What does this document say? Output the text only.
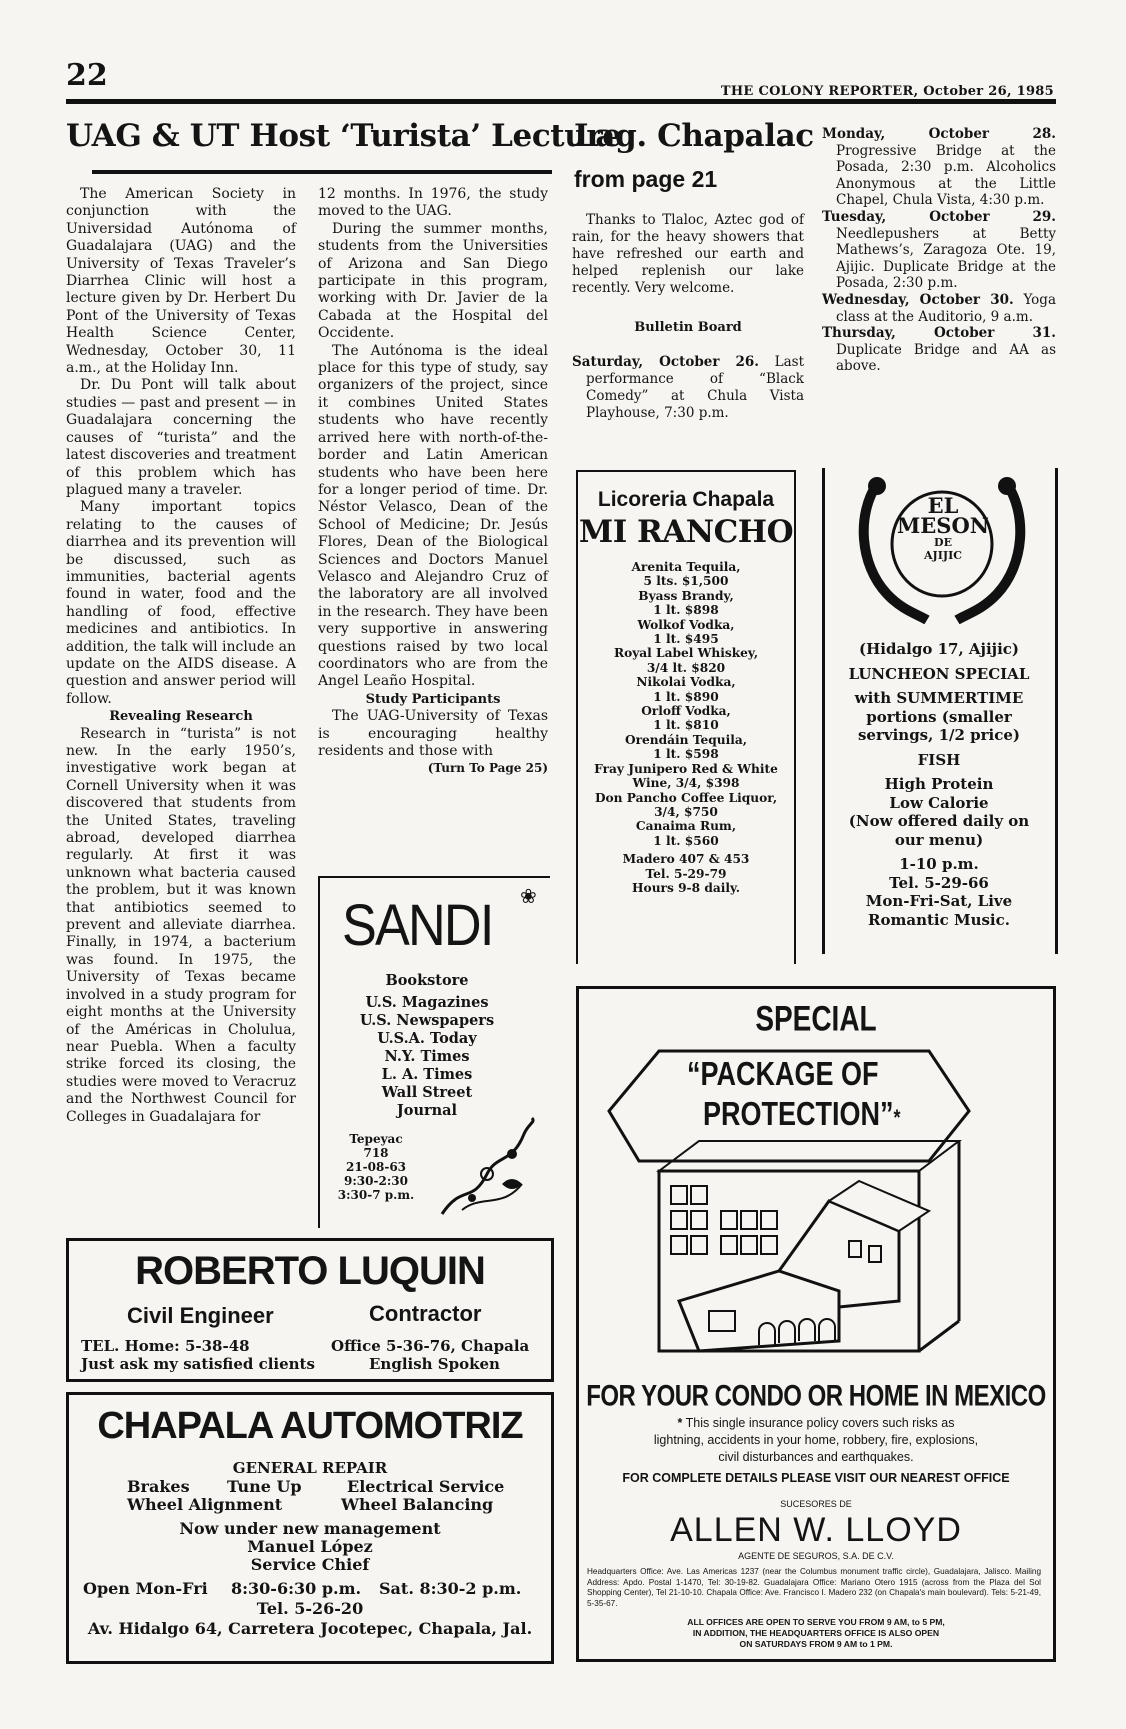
22	THE COLONY REPORTER, October 26, 1985
UAG & UT Host ‘Turista’ Lecture

The American Society in conjunction with the Universidad Autónoma of Guadalajara (UAG) and the University of Texas Traveler’s Diarrhea Clinic will host a lecture given by Dr. Herbert Du Pont of the University of Texas Health Science Center, Wednesday, October 30, 11 a.m., at the Holiday Inn.

Dr. Du Pont will talk about studies — past and present — in Guadalajara concerning the causes of “turista” and the latest discoveries and treatment of this problem which has plagued many a traveler.

Many important topics relating to the causes of diarrhea and its prevention will be discussed, such as immunities, bacterial agents found in water, food and the handling of food, effective medicines and antibiotics. In addition, the talk will include an update on the AIDS disease. A question and answer period will follow.

Revealing Research

Research in “turista” is not new. In the early 1950’s, investigative work began at Cornell University when it was discovered that students from the United States, traveling abroad, developed diarrhea regularly. At first it was unknown what bacteria caused the problem, but it was known that antibiotics seemed to prevent and alleviate diarrhea. Finally, in 1974, a bacterium was found. In 1975, the University of Texas became involved in a study program for eight months at the University of the Américas in Cholulua, near Puebla. When a faculty strike forced its closing, the studies were moved to Veracruz and the Northwest Council for Colleges in Guadalajara for

12 months. In 1976, the study moved to the UAG.

During the summer months, students from the Universities of Arizona and San Diego participate in this program, working with Dr. Javier de la Cabada at the Hospital del Occidente.

The Autónoma is the ideal place for this type of study, say organizers of the project, since it combines United States students who have recently arrived here with north-of-the-border and Latin American students who have been here for a longer period of time. Dr. Néstor Velasco, Dean of the School of Medicine; Dr. Jesús Flores, Dean of the Biological Sciences and Doctors Manuel Velasco and Alejandro Cruz of the laboratory are all involved in the research. They have been very supportive in answering questions raised by two local coordinators who are from the Angel Leaño Hospital.

Study Participants

The UAG-University of Texas is encouraging healthy residents and those with

(Turn To Page 25)

Lag. Chapalac
from page 21

Thanks to Tlaloc, Aztec god of rain, for the heavy showers that have refreshed our earth and helped replenish our lake recently. Very welcome.

Bulletin Board

Saturday, October 26. Last performance of “Black Comedy” at Chula Vista Playhouse, 7:30 p.m.

Monday, October 28. Progressive Bridge at the Posada, 2:30 p.m. Alcoholics Anonymous at the Little Chapel, Chula Vista, 4:30 p.m.

Tuesday, October 29. Needlepushers at Betty Mathews’s, Zaragoza Ote. 19, Ajijic. Duplicate Bridge at the Posada, 2:30 p.m.

Wednesday, October 30. Yoga class at the Auditorio, 9 a.m.

Thursday, October 31. Duplicate Bridge and AA as above.

Licoreria Chapala
MI RANCHO
Arenita Tequila,
5 lts. $1,500
Byass Brandy,
1 lt. $898
Wolkof Vodka,
1 lt. $495
Royal Label Whiskey,
3/4 lt. $820
Nikolai Vodka,
1 lt. $890
Orloff Vodka,
1 lt. $810
Orendáin Tequila,
1 lt. $598
Fray Junipero Red & White
Wine, 3/4, $398
Don Pancho Coffee Liquor,
3/4, $750
Canaima Rum,
1 lt. $560
Madero 407 & 453
Tel. 5-29-79
Hours 9-8 daily.
EL
MESON
DE
AJIJIC
(Hidalgo 17, Ajijic)
LUNCHEON SPECIAL
with SUMMERTIME portions (smaller servings, 1/2 price)
FISH
High Protein
Low Calorie
(Now offered daily on our menu)
1-10 p.m.
Tel. 5-29-66
Mon-Fri-Sat, Live Romantic Music.
SANDI ❀
Bookstore
U.S. Magazines
U.S. Newspapers
U.S.A. Today
N.Y. Times
L. A. Times
Wall Street Journal
Tepeyac
718
21-08-63
9:30-2:30
3:30-7 p.m.
ROBERTO LUQUIN
Civil Engineer	Contractor
TEL. Home: 5-38-48	Office 5-36-76, Chapala
Just ask my satisfied clients	English Spoken
CHAPALA AUTOMOTRIZ
GENERAL REPAIR
Brakes Tune Up	Electrical Service
Wheel Alignment	Wheel Balancing
Now under new management
Manuel López
Service Chief
Open Mon-Fri 8:30-6:30 p.m. Sat. 8:30-2 p.m.
Tel. 5-26-20
Av. Hidalgo 64, Carretera Jocotepec, Chapala, Jal.
SPECIAL
“PACKAGE OF
PROTECTION”*
FOR YOUR CONDO OR HOME IN MEXICO
* This single insurance policy covers such risks as
lightning, accidents in your home, robbery, fire, explosions,
civil disturbances and earthquakes.
FOR COMPLETE DETAILS PLEASE VISIT OUR NEAREST OFFICE
SUCESORES DE
ALLEN W. LLOYD
AGENTE DE SEGUROS, S.A. DE C.V.
Headquarters Office: Ave. Las Americas 1237 (near the Columbus monument traffic circle), Guadalajara, Jalisco. Mailing Address: Apdo. Postal 1-1470, Tel: 30-19-82. Guadalajara Office: Mariano Otero 1915 (across from the Plaza del Sol Shopping Center), Tel 21-10-10. Chapala Office: Ave. Francisco I. Madero 232 (on Chapala's main boulevard). Tels: 5-21-49, 5-35-67.
ALL OFFICES ARE OPEN TO SERVE YOU FROM 9 AM, to 5 PM,
IN ADDITION, THE HEADQUARTERS OFFICE IS ALSO OPEN
ON SATURDAYS FROM 9 AM to 1 PM.
